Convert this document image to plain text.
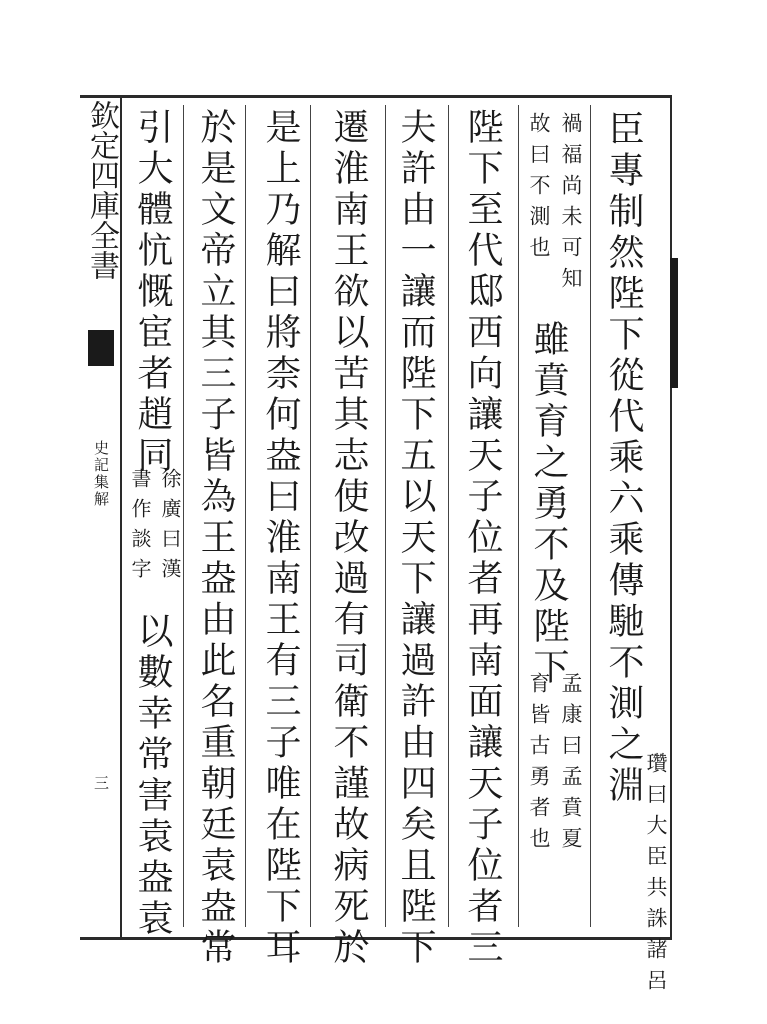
欽定四庫全書
史記集解
三	臣專制然陛下從代乘六乘傳馳不測之淵
瓚曰大臣共誅諸呂
禍福尚未可知
故曰不測也
雖賁育之勇不及陛下
孟康曰孟賁夏
育皆古勇者也
陛下至代邸西向讓天子位者再南面讓天子位者三
夫許由一讓而陛下五以天下讓過許由四矣且陛下
遷淮南王欲以苦其志使改過有司衛不謹故病死於
是上乃解曰將柰何盎曰淮南王有三子唯在陛下耳
於是文帝立其三子皆為王盎由此名重朝廷袁盎常
引大體忼慨宦者趙同
徐廣曰漢
書作談字
以數幸常害袁盎袁
